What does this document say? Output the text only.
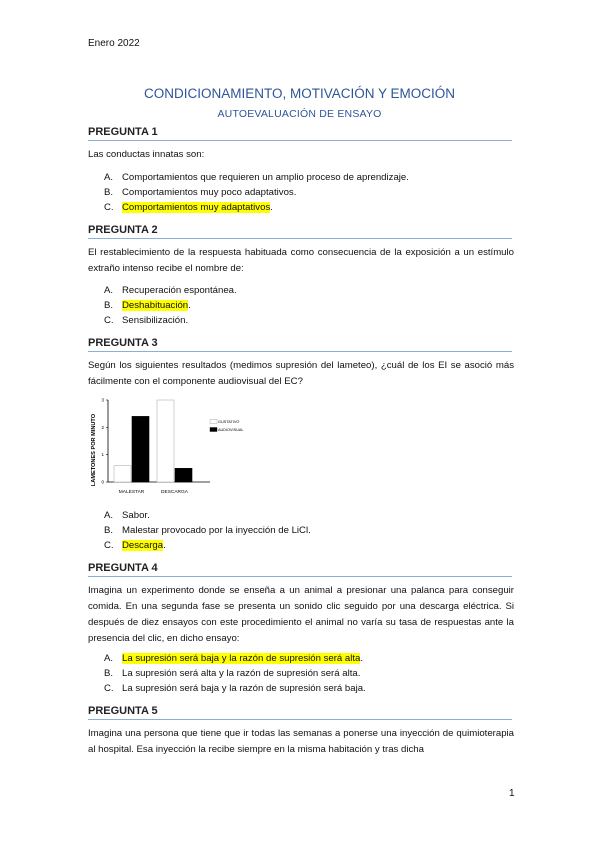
Enero 2022
CONDICIONAMIENTO, MOTIVACIÓN Y EMOCIÓN
AUTOEVALUACIÓN DE ENSAYO
PREGUNTA 1
Las conductas innatas son:
A. Comportamientos que requieren un amplio proceso de aprendizaje.
B. Comportamientos muy poco adaptativos.
C. Comportamientos muy adaptativos.
PREGUNTA 2
El restablecimiento de la respuesta habituada como consecuencia de la exposición a un estímulo extraño intenso recibe el nombre de:
A. Recuperación espontánea.
B. Deshabituación.
C. Sensibilización.
PREGUNTA 3
Según los siguientes resultados (medimos supresión del lameteo), ¿cuál de los EI se asoció más fácilmente con el componente audiovisual del EC?
LAMETONES POR MINUTO 0
1
2
3
MALESTAR	DESCARGA
GUSTATIVO
AUDIOVISUAL
A. Sabor.
B. Malestar provocado por la inyección de LiCl.
C. Descarga.
PREGUNTA 4
Imagina un experimento donde se enseña a un animal a presionar una palanca para conseguir comida. En una segunda fase se presenta un sonido clic seguido por una descarga eléctrica. Si después de diez ensayos con este procedimiento el animal no varía su tasa de respuestas ante la presencia del clic, en dicho ensayo:
A. La supresión será baja y la razón de supresión será alta.
B. La supresión será alta y la razón de supresión será alta.
C. La supresión será baja y la razón de supresión será baja.
PREGUNTA 5
Imagina una persona que tiene que ir todas las semanas a ponerse una inyección de quimioterapia al hospital. Esa inyección la recibe siempre en la misma habitación y tras dicha
1
